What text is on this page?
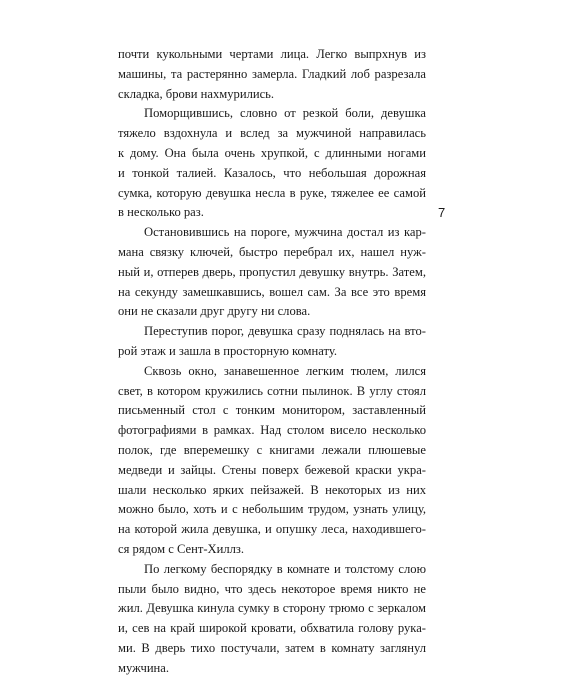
почти кукольными чертами лица. Легко выпрхнув из
машины, та растерянно замерла. Гладкий лоб разрезала
складка, брови нахмурились.
Поморщившись, словно от резкой боли, девушка
тяжело вздохнула и вслед за мужчиной направилась
к дому. Она была очень хрупкой, с длинными ногами
и тонкой талией. Казалось, что небольшая дорожная
сумка, которую девушка несла в руке, тяжелее ее самой
в несколько раз.
Остановившись на пороге, мужчина достал из кар-
мана связку ключей, быстро перебрал их, нашел нуж-
ный и, отперев дверь, пропустил девушку внутрь. Затем,
на секунду замешкавшись, вошел сам. За все это время
они не сказали друг другу ни слова.
Переступив порог, девушка сразу поднялась на вто-
рой этаж и зашла в просторную комнату.
Сквозь окно, занавешенное легким тюлем, лился
свет, в котором кружились сотни пылинок. В углу стоял
письменный стол с тонким монитором, заставленный
фотографиями в рамках. Над столом висело несколько
полок, где вперемешку с книгами лежали плюшевые
медведи и зайцы. Стены поверх бежевой краски укра-
шали несколько ярких пейзажей. В некоторых из них
можно было, хоть и с небольшим трудом, узнать улицу,
на которой жила девушка, и опушку леса, находившего-
ся рядом с Сент-Хиллз.
По легкому беспорядку в комнате и толстому слою
пыли было видно, что здесь некоторое время никто не
жил. Девушка кинула сумку в сторону трюмо с зеркалом
и, сев на край широкой кровати, обхватила голову рука-
ми. В дверь тихо постучали, затем в комнату заглянул
мужчина.
7
